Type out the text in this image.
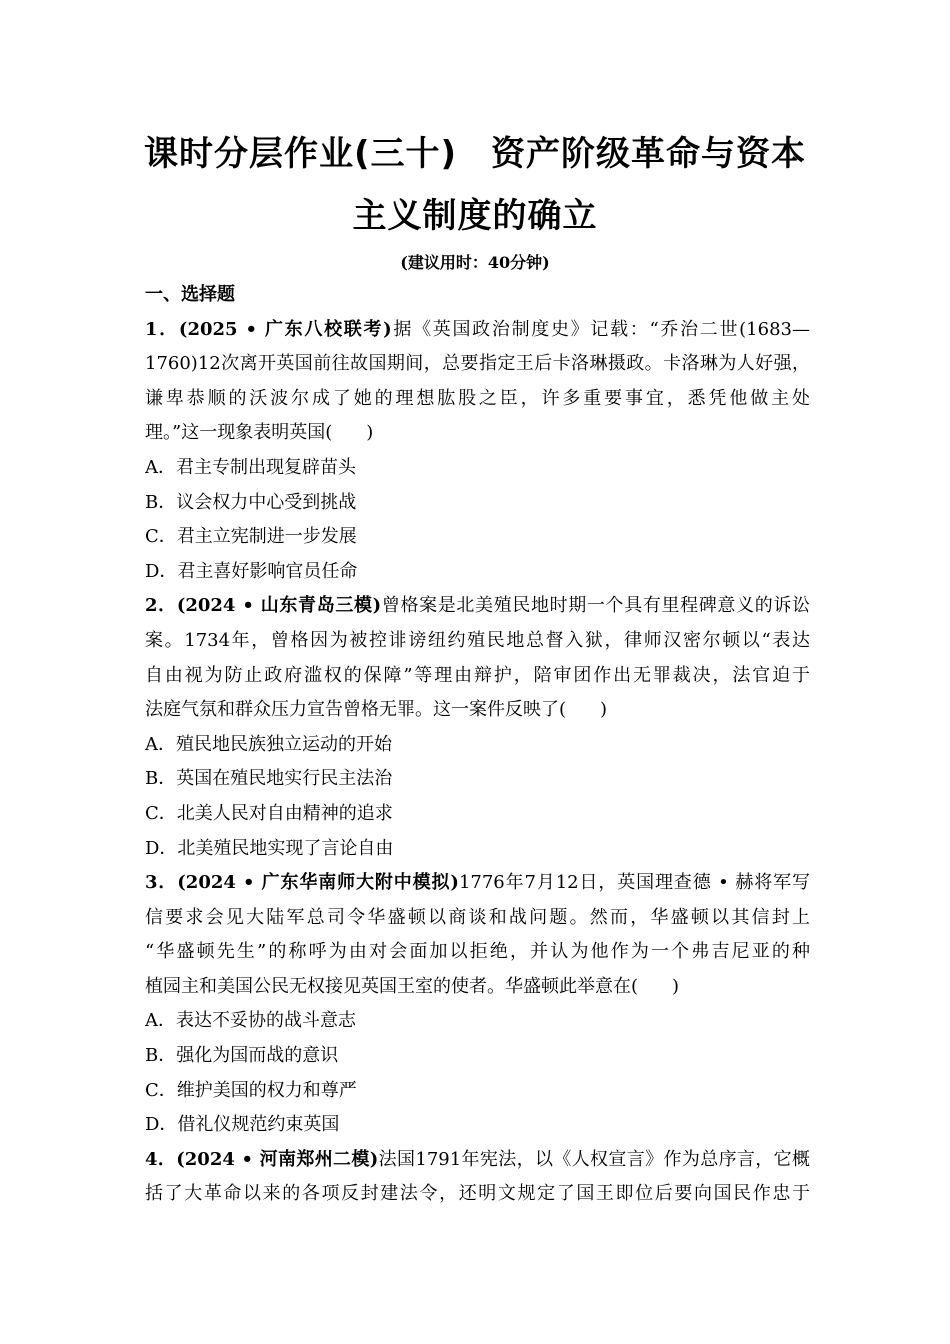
课时分层作业(三十) 资产阶级革命与资本
主义制度的确立
(建议用时：40分钟)
一、选择题
1．(2025 • 广东八校联考)据《英国政治制度史》记载：“乔治二世(1683—
1760)12次离开英国前往故国期间，总要指定王后卡洛琳摄政。卡洛琳为人好强，
谦卑恭顺的沃波尔成了她的理想肱股之臣，许多重要事宜，悉凭他做主处
理。”这一现象表明英国( )
A．君主专制出现复辟苗头
B．议会权力中心受到挑战
C．君主立宪制进一步发展
D．君主喜好影响官员任命
2．(2024 • 山东青岛三模)曾格案是北美殖民地时期一个具有里程碑意义的诉讼
案。1734年，曾格因为被控诽谤纽约殖民地总督入狱，律师汉密尔顿以“表达
自由视为防止政府滥权的保障”等理由辩护，陪审团作出无罪裁决，法官迫于
法庭气氛和群众压力宣告曾格无罪。这一案件反映了( )
A．殖民地民族独立运动的开始
B．英国在殖民地实行民主法治
C．北美人民对自由精神的追求
D．北美殖民地实现了言论自由
3．(2024 • 广东华南师大附中模拟)1776年7月12日，英国理查德 • 赫将军写
信要求会见大陆军总司令华盛顿以商谈和战问题。然而，华盛顿以其信封上
“华盛顿先生”的称呼为由对会面加以拒绝，并认为他作为一个弗吉尼亚的种
植园主和美国公民无权接见英国王室的使者。华盛顿此举意在( )
A．表达不妥协的战斗意志
B．强化为国而战的意识
C．维护美国的权力和尊严
D．借礼仪规范约束英国
4．(2024 • 河南郑州二模)法国1791年宪法，以《人权宣言》作为总序言，它概
括了大革命以来的各项反封建法令，还明文规定了国王即位后要向国民作忠于
